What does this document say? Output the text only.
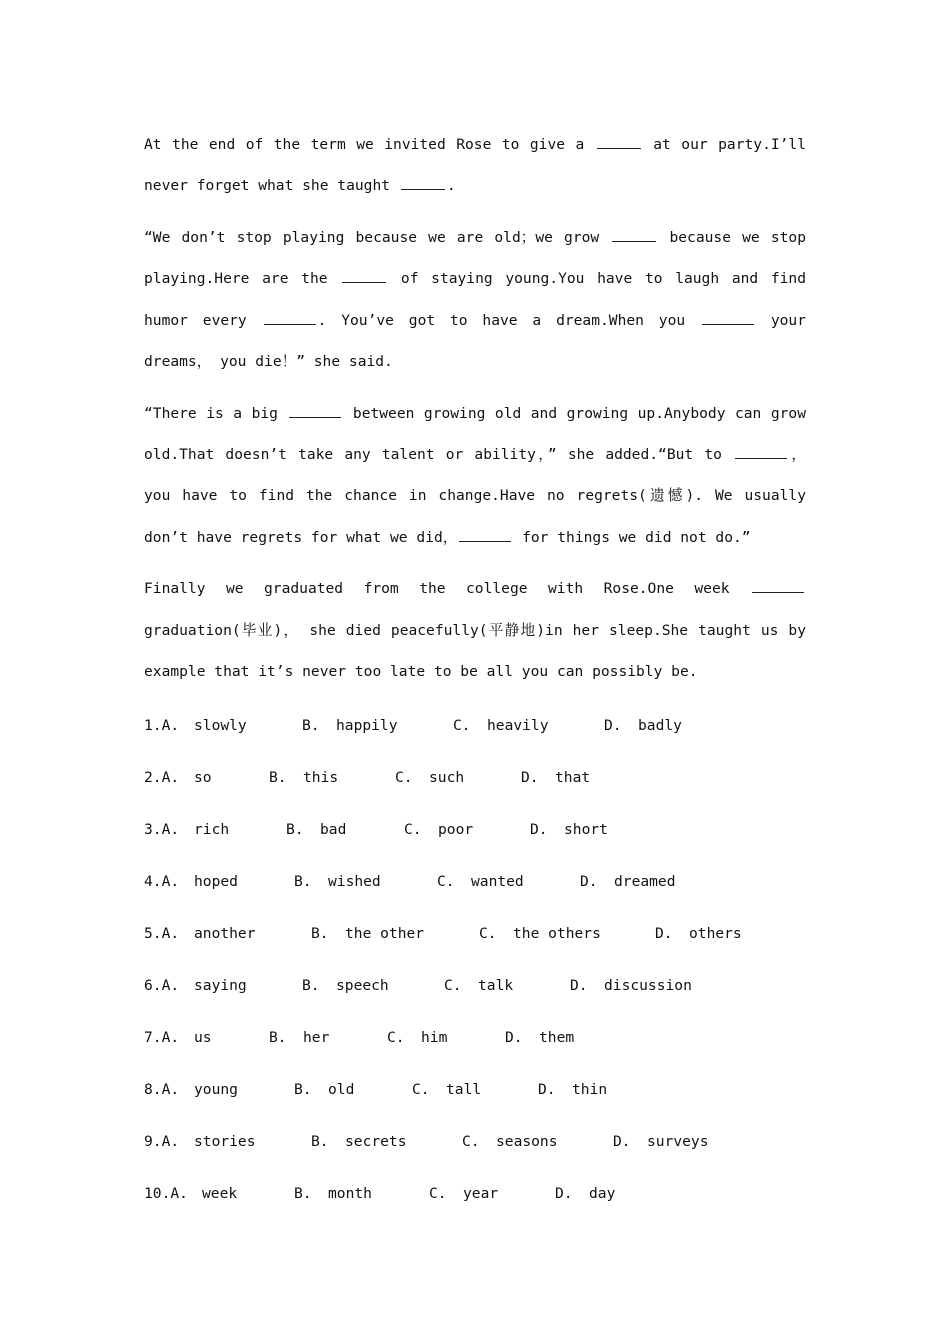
At the end of the term we invited Rose to give a	at our party.I’ll never forget what she taught	.

“We don’t stop playing because we are old；we grow	because we stop playing.Here are the	of staying young.You have to laugh and find humor every	. You’ve got to have a dream.When you	your dreams， you die！” she said.

“There is a big	between growing old and growing up.Anybody can grow old.That doesn’t take any talent or ability，” she added.“But to	， you have to find the chance in change.Have no regrets(遗憾). We usually don’t have regrets for what we did，	for things we did not do.”

Finally we graduated from the college with Rose.One week	graduation(毕业)， she died peacefully(平静地)in her sleep.She taught us by example that it’s never too late to be all you can possibly be.

1.A.	slowly	B.	happily	C.	heavily	D.	badly
2.A.	so	B.	this	C.	such	D.	that
3.A.	rich	B.	bad	C.	poor	D.	short
4.A.	hoped	B.	wished	C.	wanted	D.	dreamed
5.A.	another	B.	the other	C.	the others	D.	others
6.A.	saying	B.	speech	C.	talk	D.	discussion
7.A.	us	B.	her	C.	him	D.	them
8.A.	young	B.	old	C.	tall	D.	thin
9.A.	stories	B.	secrets	C.	seasons	D.	surveys
10.A. week	B.	month	C.	year	D.	day
